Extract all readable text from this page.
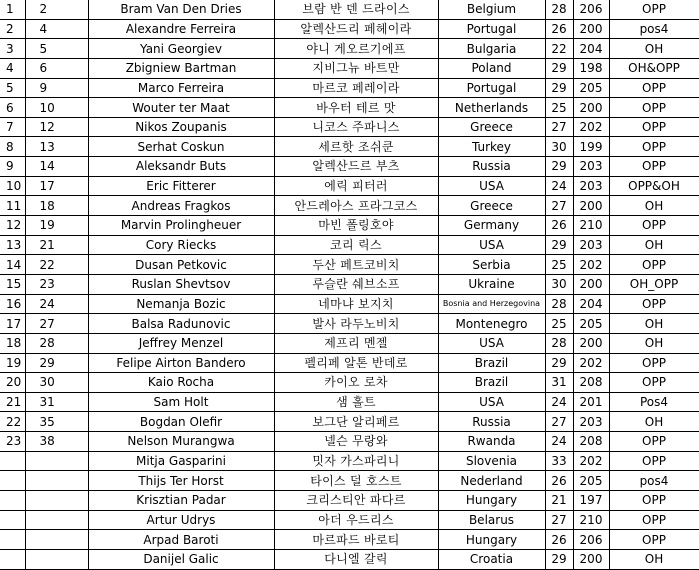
1	2	Bram Van Den Dries	브람 반 덴 드라이스	Belgium	28	206	OPP
2	4	Alexandre Ferreira	알렉산드리 페헤이라	Portugal	26	200	pos4
3	5	Yani Georgiev	야니 게오르기에프	Bulgaria	22	204	OH
4	6	Zbigniew Bartman	지비그뉴 바트만	Poland	29	198	OH&OPP
5	9	Marco Ferreira	마르코 페레이라	Portugal	29	205	OPP
6	10	Wouter ter Maat	바우터 테르 맛	Netherlands	25	200	OPP
7	12	Nikos Zoupanis	니코스 주파니스	Greece	27	202	OPP
8	13	Serhat Coskun	세르핫 조쉬쿤	Turkey	30	199	OPP
9	14	Aleksandr Buts	알렉산드르 부츠	Russia	29	203	OPP
10	17	Eric Fitterer	에릭 피터러	USA	24	203	OPP&OH
11	18	Andreas Fragkos	안드레아스 프라그코스	Greece	27	200	OH
12	19	Marvin Prolingheuer	마빈 폴링호야	Germany	26	210	OPP
13	21	Cory Riecks	코리 릭스	USA	29	203	OH
14	22	Dusan Petkovic	두산 페트코비치	Serbia	25	202	OPP
15	23	Ruslan Shevtsov	루슬란 쉐브소프	Ukraine	30	200	OH_OPP
16	24	Nemanja Bozic	네마냐 보지치	Bosnia and Herzegovina	28	204	OPP
17	27	Balsa Radunovic	발사 라두노비치	Montenegro	25	205	OH
18	28	Jeffrey Menzel	제프리 멘젤	USA	28	200	OH
19	29	Felipe Airton Bandero	펠리페 알톤 반데로	Brazil	29	202	OPP
20	30	Kaio Rocha	카이오 로차	Brazil	31	208	OPP
21	31	Sam Holt	샘 홀트	USA	24	201	Pos4
22	35	Bogdan Olefir	보그단 알리페르	Russia	27	203	OH
23	38	Nelson Murangwa	넬슨 무랑와	Rwanda	24	208	OPP
		Mitja Gasparini	밋자 가스파리니	Slovenia	33	202	OPP
		Thijs Ter Horst	타이스 덜 호스트	Nederland	26	205	pos4
		Krisztian Padar	크리스티안 파다르	Hungary	21	197	OPP
		Artur Udrys	아더 우드리스	Belarus	27	210	OPP
		Arpad Baroti	마르파드 바로티	Hungary	26	206	OPP
		Danijel Galic	다니엘 갈릭	Croatia	29	200	OH
